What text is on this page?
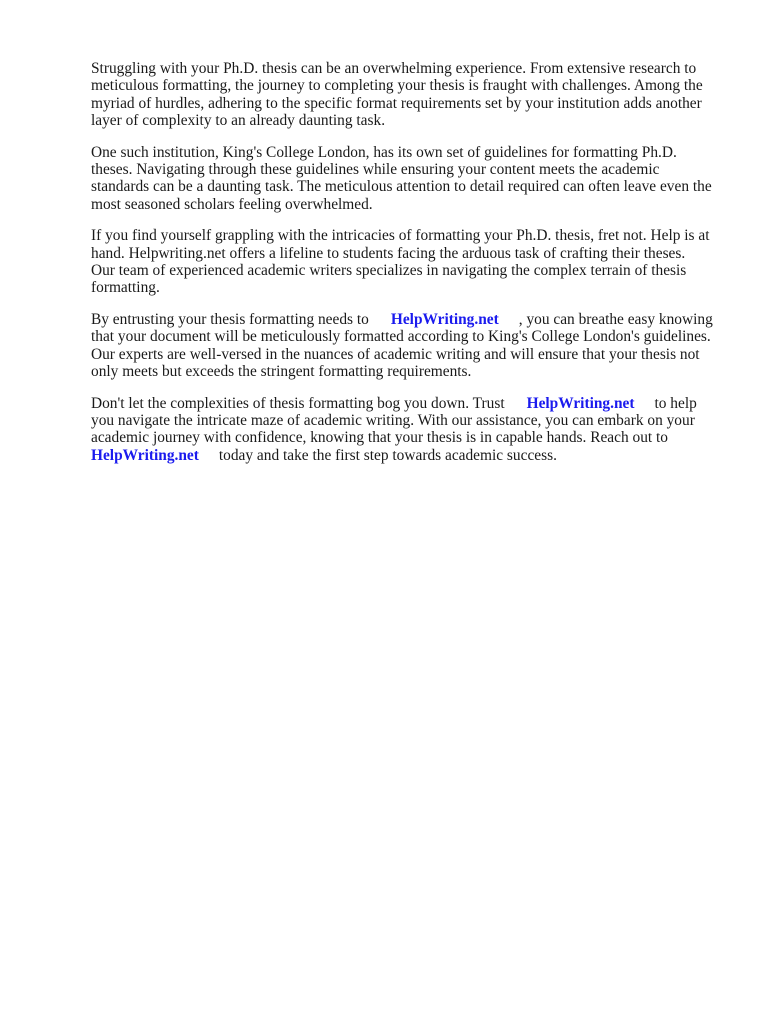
Struggling with your Ph.D. thesis can be an overwhelming experience. From extensive research to
meticulous formatting, the journey to completing your thesis is fraught with challenges. Among the
myriad of hurdles, adhering to the specific format requirements set by your institution adds another
layer of complexity to an already daunting task.

One such institution, King's College London, has its own set of guidelines for formatting Ph.D.
theses. Navigating through these guidelines while ensuring your content meets the academic
standards can be a daunting task. The meticulous attention to detail required can often leave even the
most seasoned scholars feeling overwhelmed.

If you find yourself grappling with the intricacies of formatting your Ph.D. thesis, fret not. Help is at
hand. Helpwriting.net offers a lifeline to students facing the arduous task of crafting their theses.
Our team of experienced academic writers specializes in navigating the complex terrain of thesis
formatting.

By entrusting your thesis formatting needs to HelpWriting.net , you can breathe easy knowing
that your document will be meticulously formatted according to King's College London's guidelines.
Our experts are well-versed in the nuances of academic writing and will ensure that your thesis not
only meets but exceeds the stringent formatting requirements.

Don't let the complexities of thesis formatting bog you down. Trust HelpWriting.net to help
you navigate the intricate maze of academic writing. With our assistance, you can embark on your
academic journey with confidence, knowing that your thesis is in capable hands. Reach out to
HelpWriting.net today and take the first step towards academic success.
